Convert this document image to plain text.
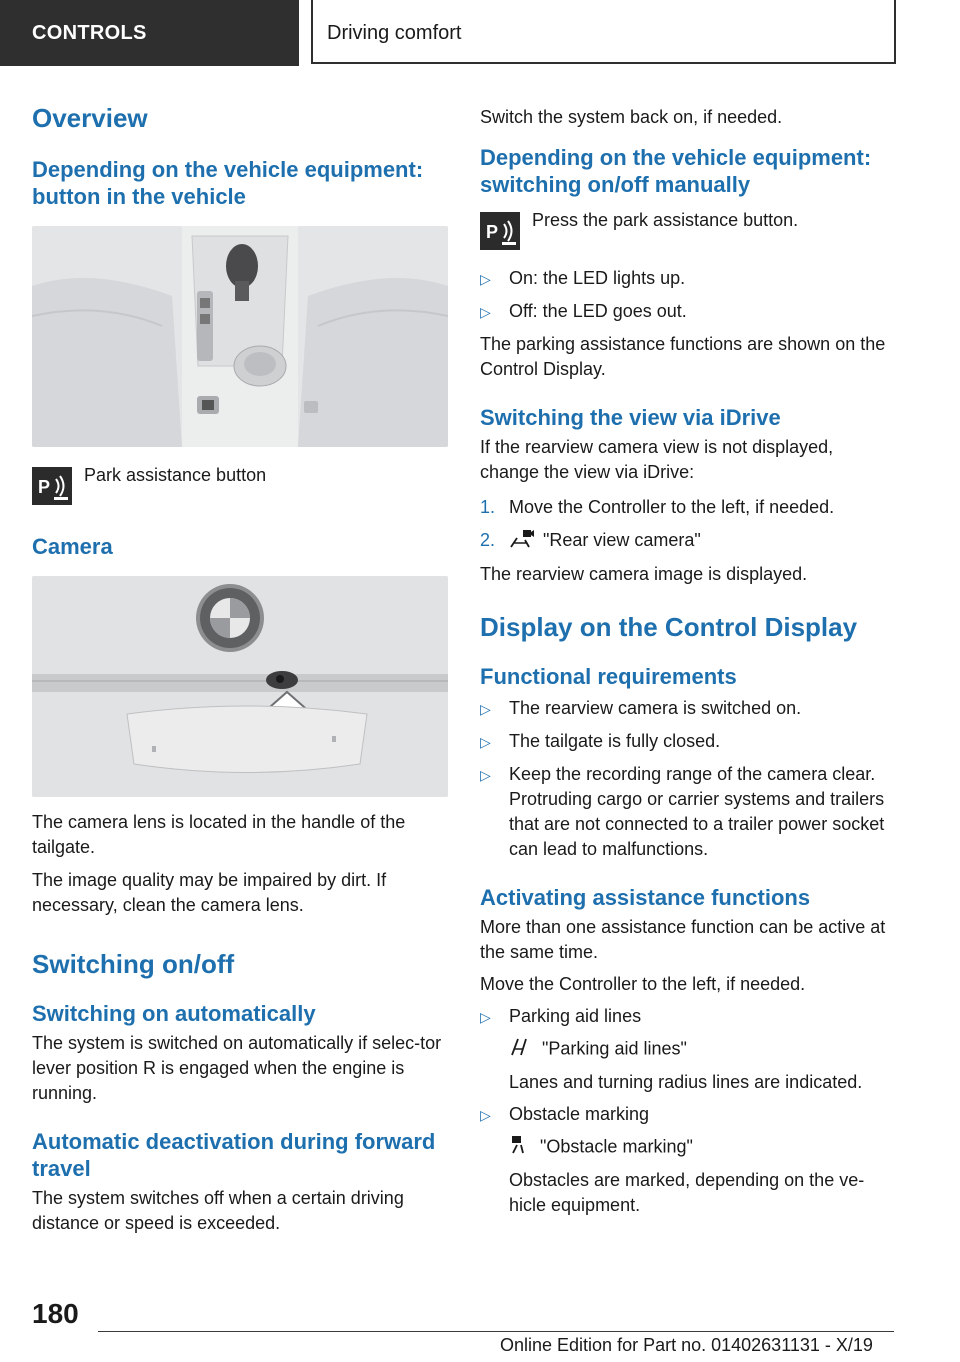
CONTROLS	Driving comfort
Overview
Depending on the vehicle equipment: button in the vehicle
P

Park assistance button

Camera

The camera lens is located in the handle of the tailgate.

The image quality may be impaired by dirt. If necessary, clean the camera lens.

Switching on/off
Switching on automatically

The system is switched on automatically if selec‐tor lever position R is engaged when the engine is running.

Automatic deactivation during forward travel

The system switches off when a certain driving distance or speed is exceeded.

Switch the system back on, if needed.

Depending on the vehicle equipment: switching on/off manually
P

Press the park assistance button.

▷	On: the LED lights up.
▷	Off: the LED goes out.

The parking assistance functions are shown on the Control Display.

Switching the view via iDrive

If the rearview camera view is not displayed, change the view via iDrive:

1. Move the Controller to the left, if needed.
2.	"Rear view camera"

The rearview camera image is displayed.

Display on the Control Display
Functional requirements
▷	The rearview camera is switched on.
▷	The tailgate is fully closed.
▷	Keep the recording range of the camera clear. Protruding cargo or carrier systems and trailers that are not connected to a trailer power socket can lead to malfunctions.
Activating assistance functions

More than one assistance function can be active at the same time.

Move the Controller to the left, if needed.

▷	Parking aid lines
"Parking aid lines"
Lanes and turning radius lines are indicated.
▷	Obstacle marking
"Obstacle marking"
Obstacles are marked, depending on the ve‐hicle equipment.
180
Online Edition for Part no. 01402631131 - X/19
